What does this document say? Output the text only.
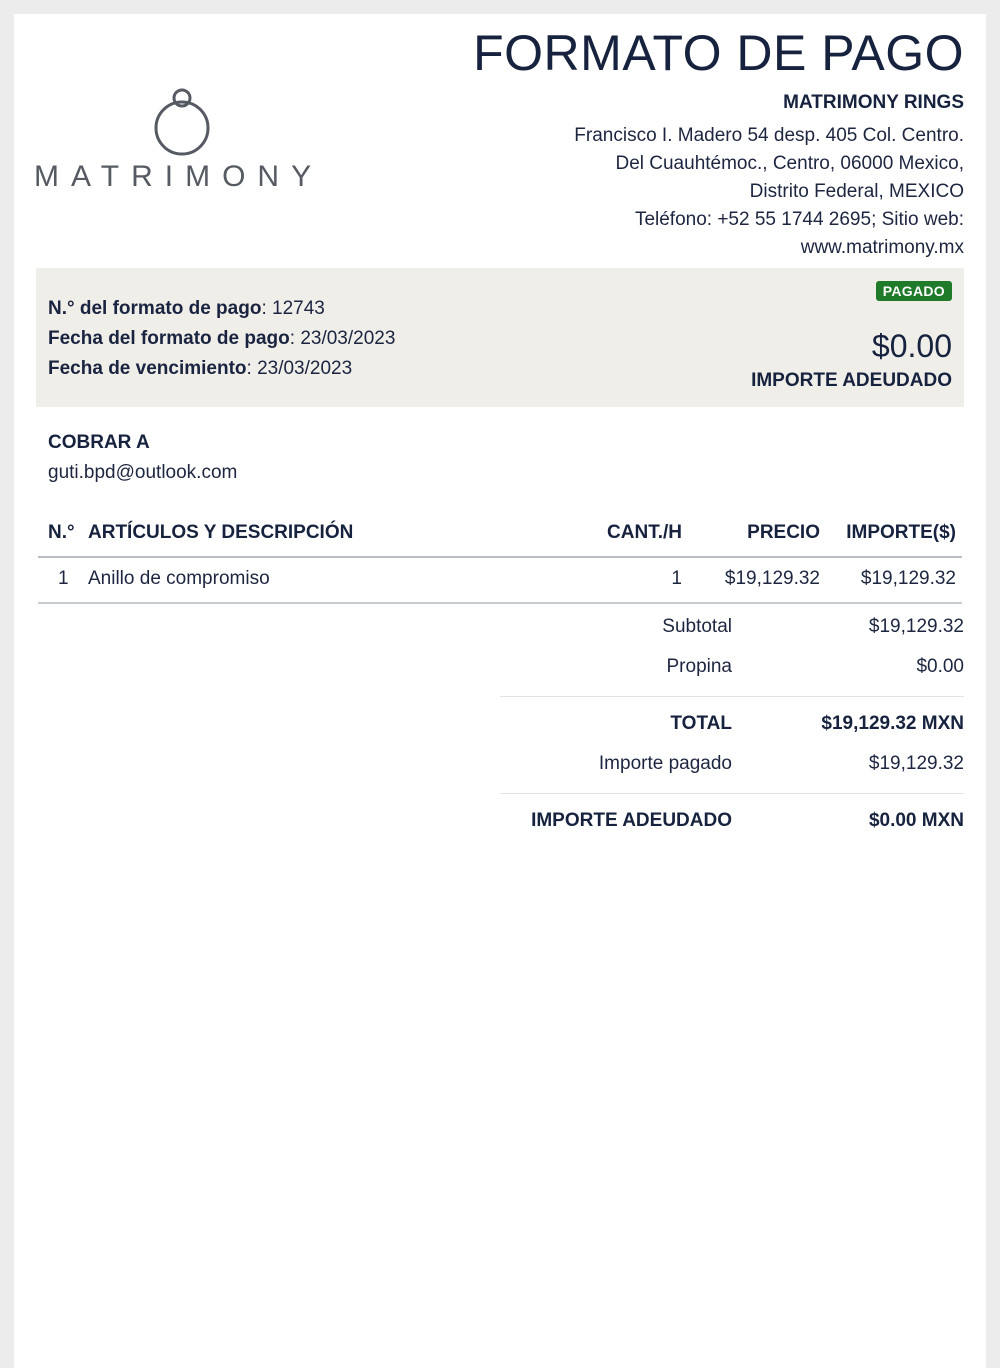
FORMATO DE PAGO
MATRIMONY
MATRIMONY RINGS
Francisco I. Madero 54 desp. 405 Col. Centro.
Del Cuauhtémoc., Centro, 06000 Mexico,
Distrito Federal, MEXICO
Teléfono: +52 55 1744 2695; Sitio web:
www.matrimony.mx
N.° del formato de pago: 12743
Fecha del formato de pago: 23/03/2023
Fecha de vencimiento: 23/03/2023
PAGADO
$0.00
IMPORTE ADEUDADO
COBRAR A
guti.bpd@outlook.com
N.° ARTÍCULOS Y DESCRIPCIÓN	CANT./H	PRECIO IMPORTE($)
1 Anillo de compromiso	1 $19,129.32 $19,129.32
Subtotal	$19,129.32
Propina	$0.00
TOTAL	$19,129.32 MXN
Importe pagado	$19,129.32
IMPORTE ADEUDADO	$0.00 MXN
